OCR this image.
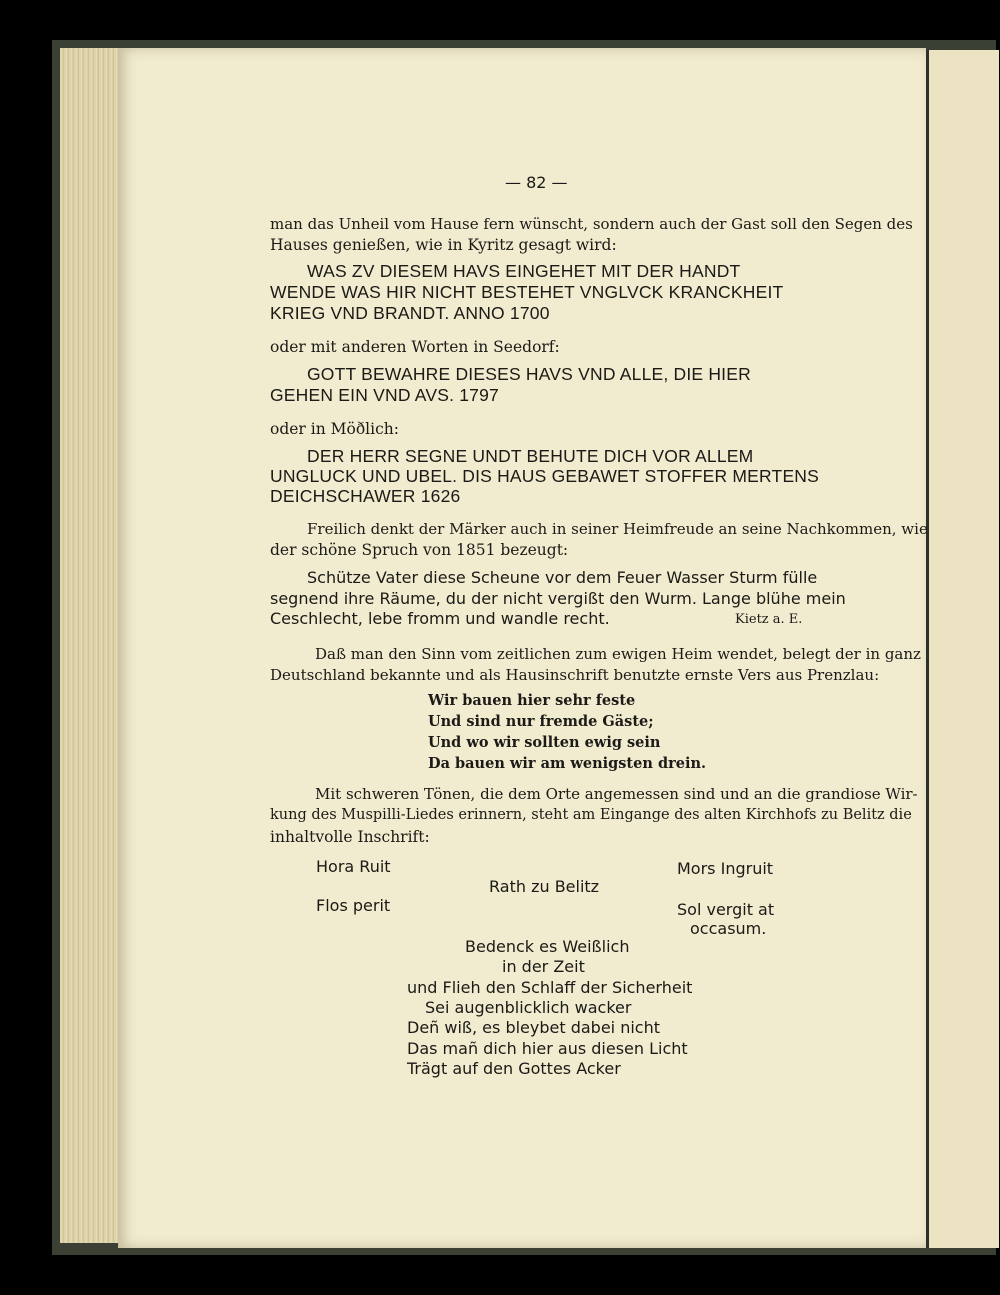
— 82 —
man das Unheil vom Hause fern wünscht, sondern auch der Gast soll den Segen des
Hauses genießen, wie in Kyritz gesagt wird:
WAS ZV DIESEM HAVS EINGEHET MIT DER HANDT
WENDE WAS HIR NICHT BESTEHET VNGLVCK KRANCKHEIT
KRIEG VND BRANDT. ANNO 1700
oder mit anderen Worten in Seedorf:
GOTT BEWAHRE DIESES HAVS VND ALLE, DIE HIER
GEHEN EIN VND AVS. 1797
oder in Möðlich:
DER HERR SEGNE UNDT BEHUTE DICH VOR ALLEM
UNGLUCK UND UBEL. DIS HAUS GEBAWET STOFFER MERTENS
DEICHSCHAWER 1626
Freilich denkt der Märker auch in seiner Heimfreude an seine Nachkommen, wie
der schöne Spruch von 1851 bezeugt:
Schütze Vater diese Scheune vor dem Feuer Wasser Sturm fülle
segnend ihre Räume, du der nicht vergißt den Wurm. Lange blühe mein
Ceschlecht, lebe fromm und wandle recht.	Kietz a. E.
Daß man den Sinn vom zeitlichen zum ewigen Heim wendet, belegt der in ganz
Deutschland bekannte und als Hausinschrift benutzte ernste Vers aus Prenzlau:
Wir bauen hier sehr feste
Und sind nur fremde Gäste;
Und wo wir sollten ewig sein
Da bauen wir am wenigsten drein.
Mit schweren Tönen, die dem Orte angemessen sind und an die grandiose Wir-
kung des Muspilli-Liedes erinnern, steht am Eingange des alten Kirchhofs zu Belitz die
inhaltvolle Inschrift:
Hora Ruit	Mors Ingruit
Rath zu Belitz
Flos perit	Sol vergit at
occasum.
Bedenck es Weißlich
in der Zeit
und Flieh den Schlaff der Sicherheit
Sei augenblicklich wacker
Deñ wiß, es bleybet dabei nicht
Das mañ dich hier aus diesen Licht
Trägt auf den Gottes Acker
